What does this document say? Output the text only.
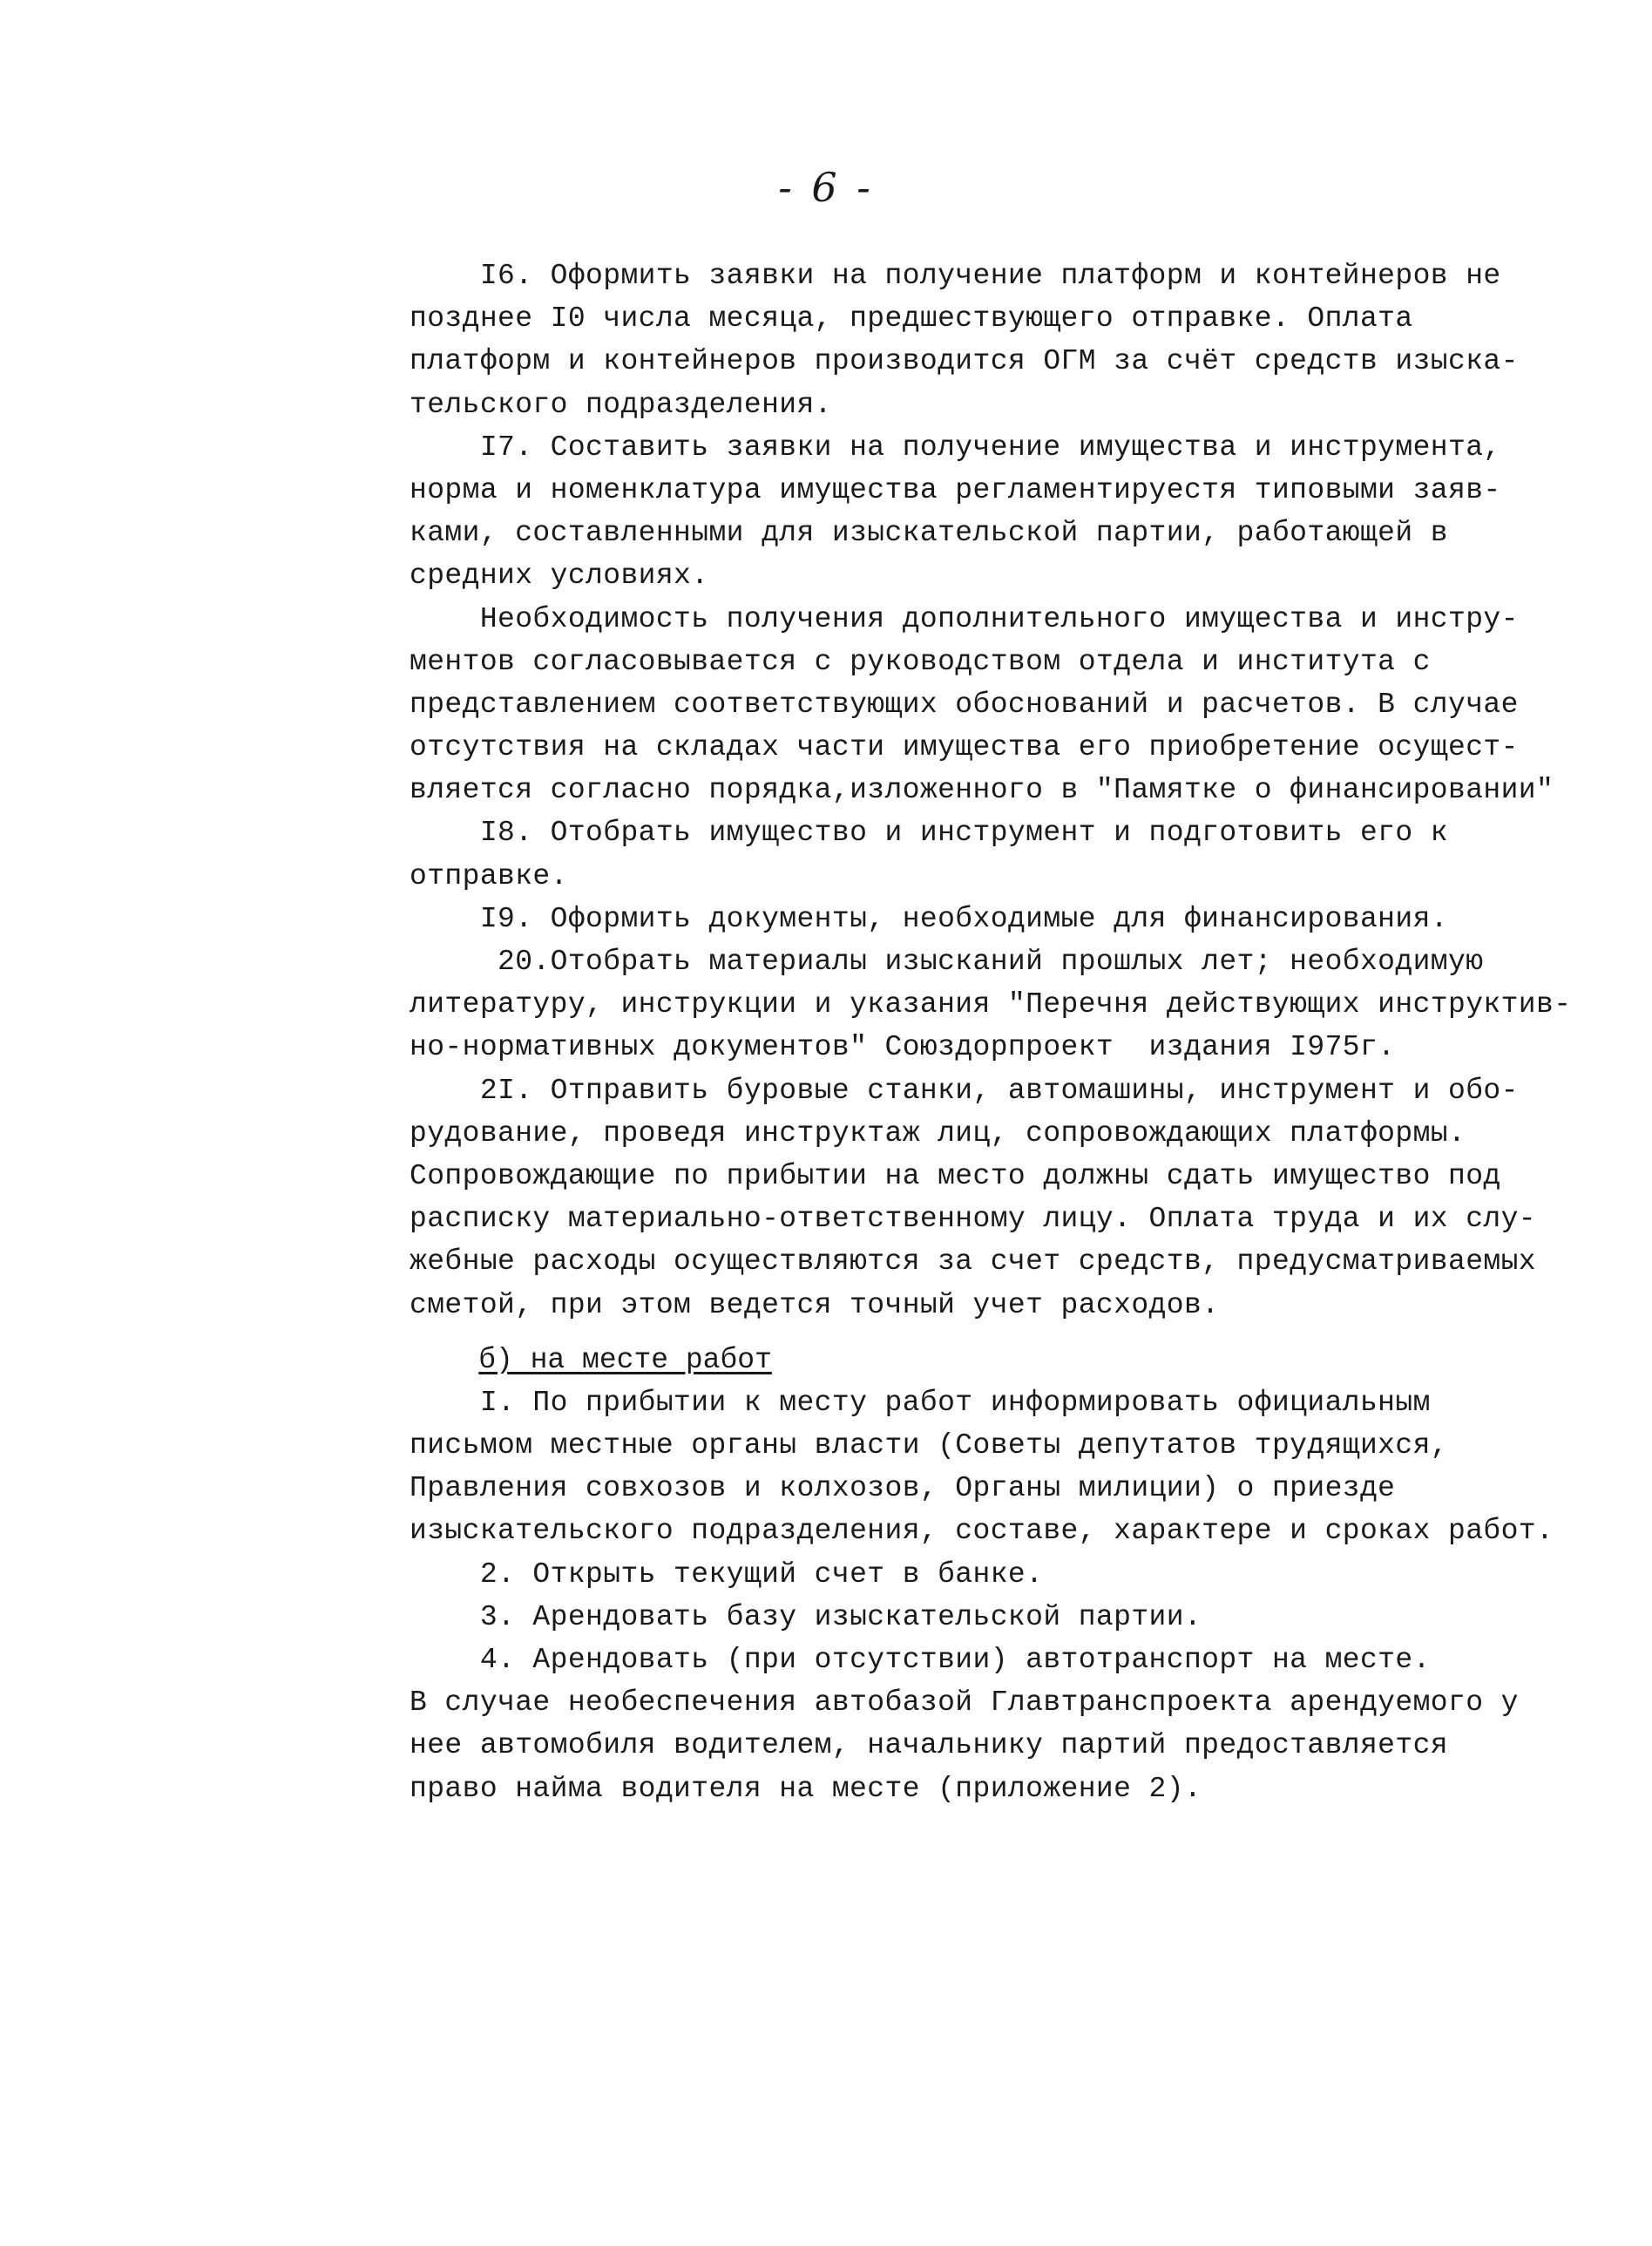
- 6 -
I6. Оформить заявки на получение платформ и контейнеров не
позднее I0 числа месяца, предшествующего отправке. Оплата
платформ и контейнеров производится ОГМ за счёт средств изыска-
тельского подразделения.
I7. Составить заявки на получение имущества и инструмента,
норма и номенклатура имущества регламентируестя типовыми заяв-
ками, составленными для изыскательской партии, работающей в
средних условиях.
Необходимость получения дополнительного имущества и инстру-
ментов согласовывается с руководством отдела и института с
представлением соответствующих обоснований и расчетов. В случае
отсутствия на складах части имущества его приобретение осущест-
вляется согласно порядка,изложенного в "Памятке о финансировании"
I8. Отобрать имущество и инструмент и подготовить его к
отправке.
I9. Оформить документы, необходимые для финансирования.
20.Отобрать материалы изысканий прошлых лет; необходимую
литературу, инструкции и указания "Перечня действующих инструктив-
но-нормативных документов" Союздорпроект  издания I975г.
2I. Отправить буровые станки, автомашины, инструмент и обо-
рудование, проведя инструктаж лиц, сопровождающих платформы.
Сопровождающие по прибытии на место должны сдать имущество под
расписку материально-ответственному лицу. Оплата труда и их слу-
жебные расходы осуществляются за счет средств, предусматриваемых
сметой, при этом ведется точный учет расходов.
б) на месте работ
I. По прибытии к месту работ информировать официальным
письмом местные органы власти (Советы депутатов трудящихся,
Правления совхозов и колхозов, Органы милиции) о приезде
изыскательского подразделения, составе, характере и сроках работ.
2. Открыть текущий счет в банке.
3. Арендовать базу изыскательской партии.
4. Арендовать (при отсутствии) автотранспорт на месте.
В случае необеспечения автобазой Главтранспроекта арендуемого у
нее автомобиля водителем, начальнику партий предоставляется
право найма водителя на месте (приложение 2).
